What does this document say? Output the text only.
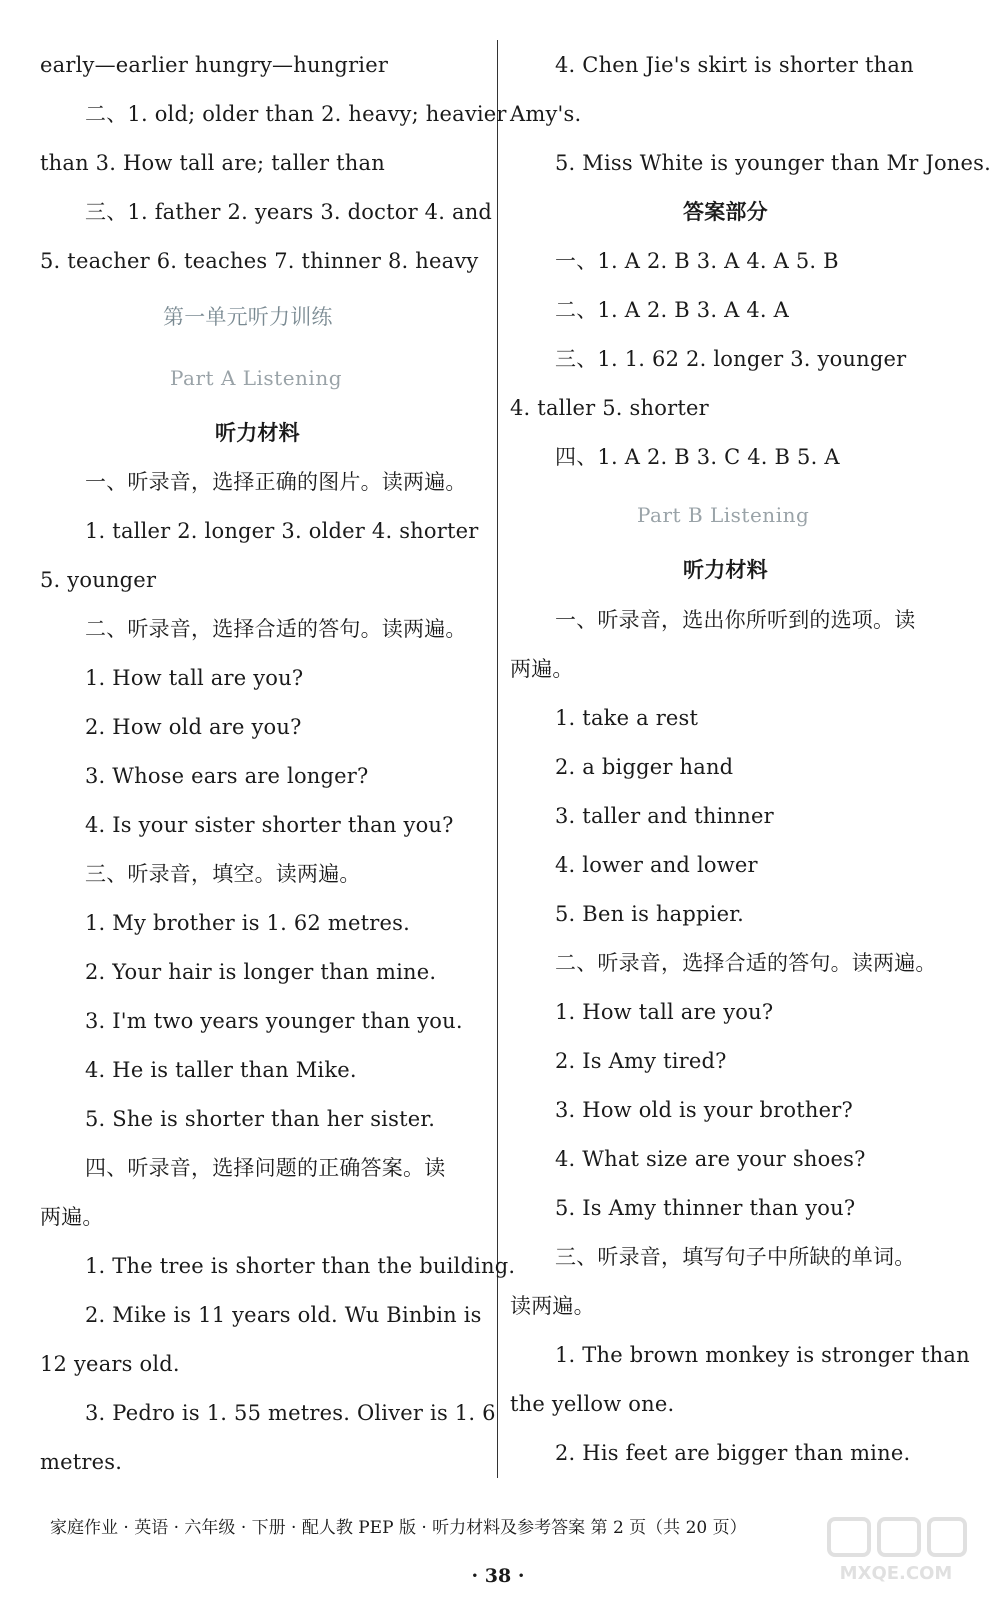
early—earlier hungry—hungrier
二、1. old; older than 2. heavy; heavier
than 3. How tall are; taller than
三、1. father 2. years 3. doctor 4. and
5. teacher 6. teaches 7. thinner 8. heavy
第一单元听力训练
Part A Listening
听力材料
一、听录音，选择正确的图片。读两遍。
1. taller 2. longer 3. older 4. shorter
5. younger
二、听录音，选择合适的答句。读两遍。
1. How tall are you?
2. How old are you?
3. Whose ears are longer?
4. Is your sister shorter than you?
三、听录音，填空。读两遍。
1. My brother is 1. 62 metres.
2. Your hair is longer than mine.
3. I'm two years younger than you.
4. He is taller than Mike.
5. She is shorter than her sister.
四、听录音，选择问题的正确答案。读
两遍。
1. The tree is shorter than the building.
2. Mike is 11 years old. Wu Binbin is
12 years old.
3. Pedro is 1. 55 metres. Oliver is 1. 6
metres.
4. Chen Jie's skirt is shorter than
Amy's.
5. Miss White is younger than Mr Jones.
答案部分
一、1. A 2. B 3. A 4. A 5. B
二、1. A 2. B 3. A 4. A
三、1. 1. 62 2. longer 3. younger
4. taller 5. shorter
四、1. A 2. B 3. C 4. B 5. A
Part B Listening
听力材料
一、听录音，选出你所听到的选项。读
两遍。
1. take a rest
2. a bigger hand
3. taller and thinner
4. lower and lower
5. Ben is happier.
二、听录音，选择合适的答句。读两遍。
1. How tall are you?
2. Is Amy tired?
3. How old is your brother?
4. What size are your shoes?
5. Is Amy thinner than you?
三、听录音，填写句子中所缺的单词。
读两遍。
1. The brown monkey is stronger than
the yellow one.
2. His feet are bigger than mine.
家庭作业 · 英语 · 六年级 · 下册 · 配人教 PEP 版 · 听力材料及参考答案 第 2 页（共 20 页）
· 38 ·	MXQE.COM
